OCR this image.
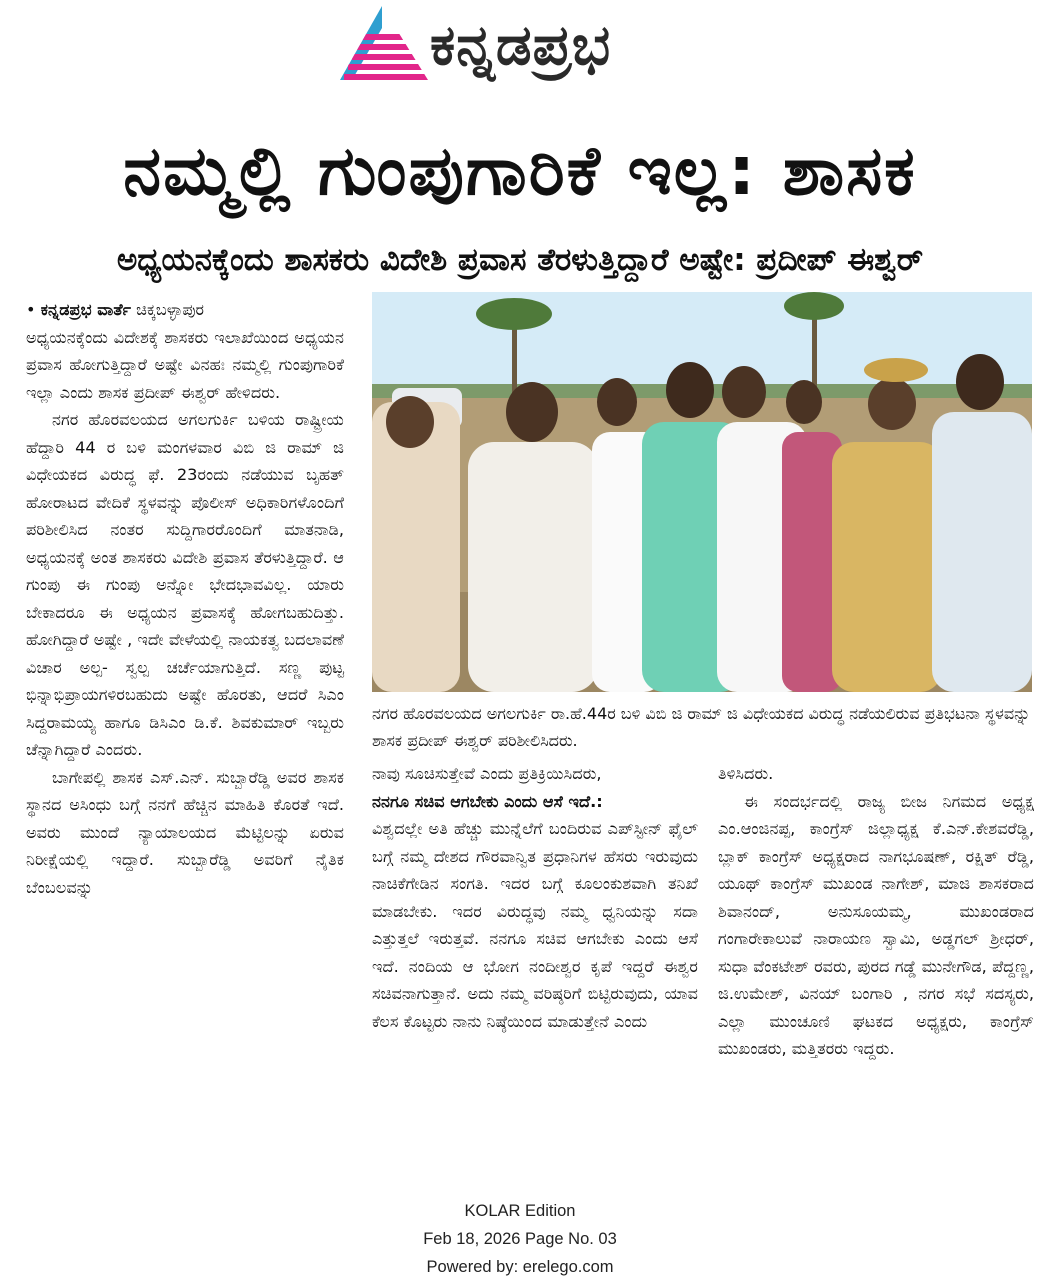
ಕನ್ನಡಪ್ರಭ
ನಮ್ಮಲ್ಲಿ ಗುಂಪುಗಾರಿಕೆ ಇಲ್ಲ: ಶಾಸಕ
ಅಧ್ಯಯನಕ್ಕೆಂದು ಶಾಸಕರು ವಿದೇಶಿ ಪ್ರವಾಸ ತೆರಳುತ್ತಿದ್ದಾರೆ ಅಷ್ಟೇ: ಪ್ರದೀಪ್ ಈಶ್ವರ್

• ಕನ್ನಡಪ್ರಭ ವಾರ್ತೆ ಚಿಕ್ಕಬಳ್ಳಾಪುರ

ಅಧ್ಯಯನಕ್ಕೆಂದು ವಿದೇಶಕ್ಕೆ ಶಾಸಕರು ಇಲಾಖೆಯಿಂದ ಅಧ್ಯಯನ ಪ್ರವಾಸ ಹೋಗುತ್ತಿದ್ದಾರೆ ಅಷ್ಟೇ ವಿನಹಃ ನಮ್ಮಲ್ಲಿ ಗುಂಪುಗಾರಿಕೆ ಇಲ್ಲಾ ಎಂದು ಶಾಸಕ ಪ್ರದೀಪ್ ಈಶ್ವರ್ ಹೇಳಿದರು.

ನಗರ ಹೊರವಲಯದ ಅಗಲಗುರ್ಕಿ ಬಳಿಯ ರಾಷ್ಟ್ರೀಯ ಹೆದ್ದಾರಿ 44 ರ ಬಳಿ ಮಂಗಳವಾರ ವಿಬಿ ಜಿ ರಾಮ್ ಜಿ ವಿಧೇಯಕದ ವಿರುದ್ಧ ಫೆ. 23ರಂದು ನಡೆಯುವ ಬೃಹತ್ ಹೋರಾಟದ ವೇದಿಕೆ ಸ್ಥಳವನ್ನು ಪೊಲೀಸ್ ಅಧಿಕಾರಿಗಳೊಂದಿಗೆ ಪರಿಶೀಲಿಸಿದ ನಂತರ ಸುದ್ದಿಗಾರರೊಂದಿಗೆ ಮಾತನಾಡಿ, ಅಧ್ಯಯನಕ್ಕೆ ಅಂತ ಶಾಸಕರು ವಿದೇಶಿ ಪ್ರವಾಸ ತೆರಳುತ್ತಿದ್ದಾರೆ. ಆ ಗುಂಪು ಈ ಗುಂಪು ಅನ್ನೋ ಭೇದಭಾವವಿಲ್ಲ. ಯಾರು ಬೇಕಾದರೂ ಈ ಅಧ್ಯಯನ ಪ್ರವಾಸಕ್ಕೆ ಹೋಗಬಹುದಿತ್ತು. ಹೋಗಿದ್ದಾರೆ ಅಷ್ಟೇ , ಇದೇ ವೇಳೆಯಲ್ಲಿ ನಾಯಕತ್ವ ಬದಲಾವಣೆ ವಿಚಾರ ಅಲ್ಪ- ಸ್ವಲ್ಪ ಚರ್ಚೆಯಾಗುತ್ತಿದೆ. ಸಣ್ಣ ಪುಟ್ಟ ಭಿನ್ನಾಭಿಪ್ರಾಯಗಳಿರಬಹುದು ಅಷ್ಟೇ ಹೊರತು, ಆದರೆ ಸಿಎಂ ಸಿದ್ದರಾಮಯ್ಯ ಹಾಗೂ ಡಿಸಿಎಂ ಡಿ.ಕೆ. ಶಿವಕುಮಾರ್ ಇಬ್ಬರು ಚೆನ್ನಾಗಿದ್ದಾರೆ ಎಂದರು.

ಬಾಗೇಪಲ್ಲಿ ಶಾಸಕ ಎಸ್.ಎನ್. ಸುಬ್ಬಾರೆಡ್ಡಿ ಅವರ ಶಾಸಕ ಸ್ಥಾನದ ಅಸಿಂಧು ಬಗ್ಗೆ ನನಗೆ ಹೆಚ್ಚಿನ ಮಾಹಿತಿ ಕೊರತೆ ಇದೆ. ಅವರು ಮುಂದೆ ನ್ಯಾಯಾಲಯದ ಮೆಟ್ಟಿಲನ್ನು ಏರುವ ನಿರೀಕ್ಷೆಯಲ್ಲಿ ಇದ್ದಾರೆ. ಸುಬ್ಬಾರೆಡ್ಡಿ ಅವರಿಗೆ ನೈತಿಕ ಬೆಂಬಲವನ್ನು

ನಗರ ಹೊರವಲಯದ ಅಗಲಗುರ್ಕಿ ರಾ.ಹೆ.44ರ ಬಳಿ ವಿಬಿ ಜಿ ರಾಮ್ ಜಿ ವಿಧೇಯಕದ ವಿರುದ್ಧ ನಡೆಯಲಿರುವ ಪ್ರತಿಭಟನಾ ಸ್ಥಳವನ್ನು ಶಾಸಕ ಪ್ರದೀಪ್ ಈಶ್ವರ್ ಪರಿಶೀಲಿಸಿದರು.

ನಾವು ಸೂಚಿಸುತ್ತೇವೆ ಎಂದು ಪ್ರತಿಕ್ರಿಯಿಸಿದರು,

ನನಗೂ ಸಚಿವ ಆಗಬೇಕು ಎಂದು ಆಸೆ ಇದೆ.:

ವಿಶ್ವದಲ್ಲೇ ಅತಿ ಹೆಚ್ಚು ಮುನ್ನೆಲೆಗೆ ಬಂದಿರುವ ಎಪ್‌ಸ್ಟೀನ್ ಫೈಲ್ ಬಗ್ಗೆ ನಮ್ಮ ದೇಶದ ಗೌರವಾನ್ವಿತ ಪ್ರಧಾನಿಗಳ ಹೆಸರು ಇರುವುದು ನಾಚಿಕೆಗೇಡಿನ ಸಂಗತಿ. ಇದರ ಬಗ್ಗೆ ಕೂಲಂಕುಶವಾಗಿ ತನಿಖೆ ಮಾಡಬೇಕು. ಇದರ ವಿರುದ್ಧವು ನಮ್ಮ ಧ್ವನಿಯನ್ನು ಸದಾ ಎತ್ತುತ್ತಲೆ ಇರುತ್ತವೆ. ನನಗೂ ಸಚಿವ ಆಗಬೇಕು ಎಂದು ಆಸೆ ಇದೆ. ನಂದಿಯ ಆ ಭೋಗ ನಂದೀಶ್ವರ ಕೃಪೆ ಇದ್ದರೆ ಈಶ್ವರ ಸಚಿವನಾಗುತ್ತಾನೆ. ಅದು ನಮ್ಮ ವರಿಷ್ಠರಿಗೆ ಬಿಟ್ಟಿರುವುದು, ಯಾವ ಕೆಲಸ ಕೊಟ್ಟರು ನಾನು ನಿಷ್ಠೆಯಿಂದ ಮಾಡುತ್ತೇನೆ ಎಂದು

ತಿಳಿಸಿದರು.

ಈ ಸಂದರ್ಭದಲ್ಲಿ ರಾಜ್ಯ ಬೀಜ ನಿಗಮದ ಅಧ್ಯಕ್ಷ ಎಂ.ಆಂಜಿನಪ್ಪ, ಕಾಂಗ್ರೆಸ್ ಜಿಲ್ಲಾಧ್ಯಕ್ಷ ಕೆ.ಎನ್.ಕೇಶವರೆಡ್ಡಿ, ಬ್ಲಾಕ್ ಕಾಂಗ್ರೆಸ್ ಅಧ್ಯಕ್ಷರಾದ ನಾಗಭೂಷಣ್, ರಕ್ಷಿತ್ ರೆಡ್ಡಿ, ಯೂಥ್ ಕಾಂಗ್ರೆಸ್ ಮುಖಂಡ ನಾಗೇಶ್, ಮಾಜಿ ಶಾಸಕರಾದ ಶಿವಾನಂದ್, ಅನುಸೂಯಮ್ಮ, ಮುಖಂಡರಾದ ಗಂಗಾರೇಕಾಲುವೆ ನಾರಾಯಣ ಸ್ವಾಮಿ, ಅಡ್ಡಗಲ್ ಶ್ರೀಧರ್, ಸುಧಾ ವೆಂಕಟೇಶ್ ರವರು, ಪುರದ ಗಡ್ಡೆ ಮುನೇಗೌಡ, ಪೆದ್ದಣ್ಣ, ಜಿ.ಉಮೇಶ್, ವಿನಯ್ ಬಂಗಾರಿ , ನಗರ ಸಭೆ ಸದಸ್ಯರು, ಎಲ್ಲಾ ಮುಂಚೂಣಿ ಘಟಕದ ಅಧ್ಯಕ್ಷರು, ಕಾಂಗ್ರೆಸ್ ಮುಖಂಡರು, ಮತ್ತಿತರರು ಇದ್ದರು.

KOLAR Edition
Feb 18, 2026 Page No. 03
Powered by: erelego.com
